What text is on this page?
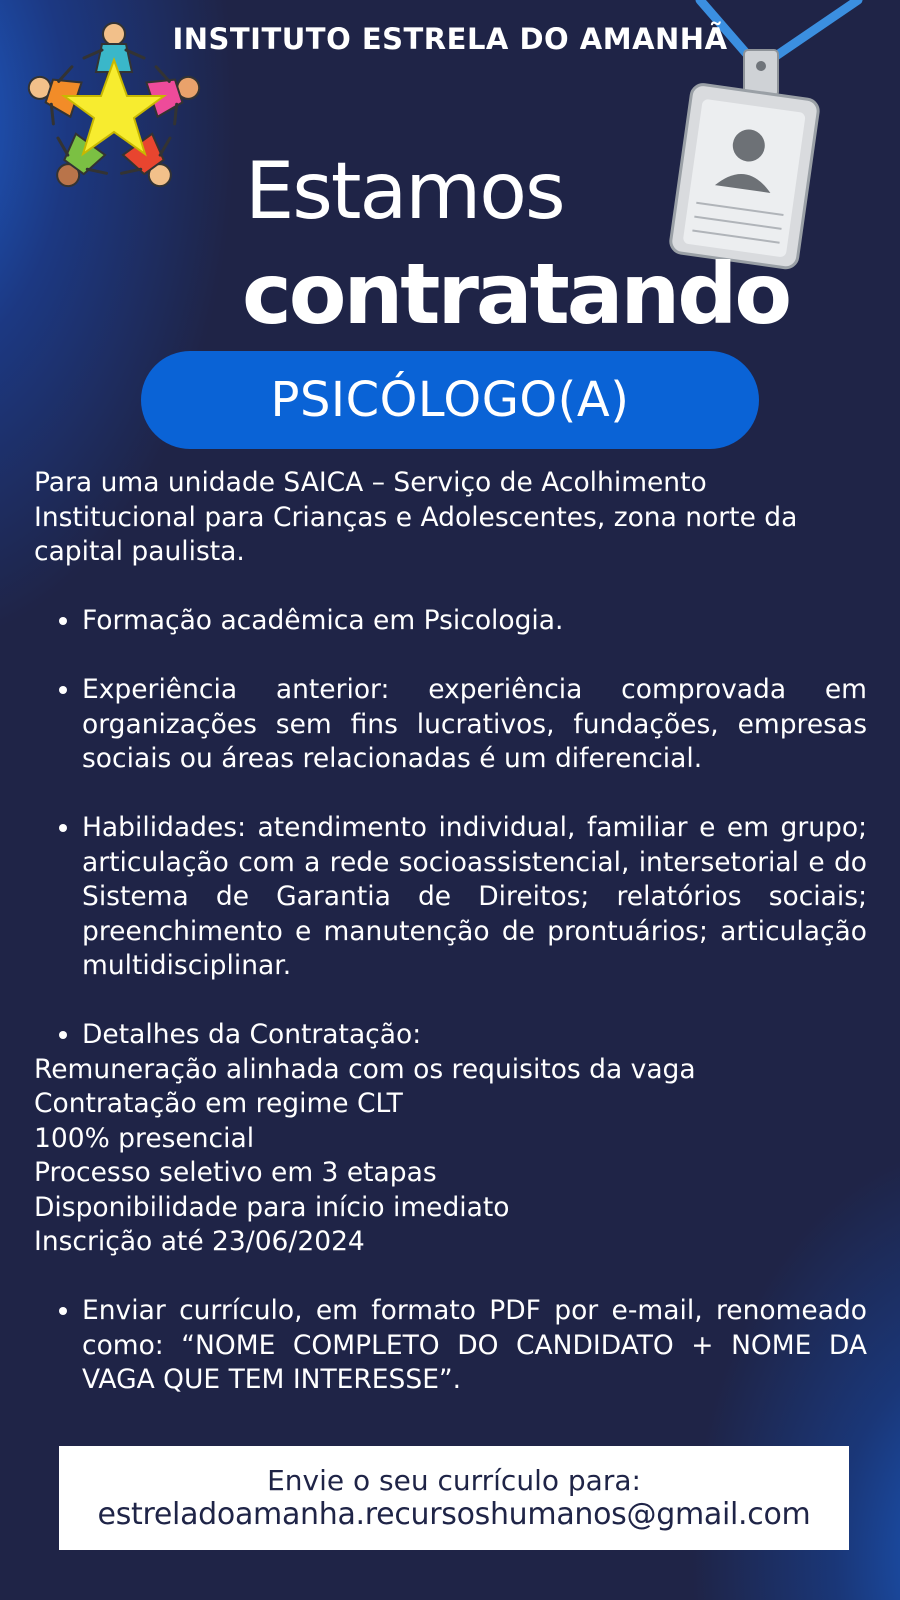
INSTITUTO ESTRELA DO AMANHÃ
Estamos
contratando
PSICÓLOGO(A)

Para uma unidade SAICA – Serviço de Acolhimento Institucional para Crianças e Adolescentes, zona norte da capital paulista.

• Formação acadêmica em Psicologia.
• Experiência anterior: experiência comprovada em organizações sem fins lucrativos, fundações, empresas sociais ou áreas relacionadas é um diferencial.
• Habilidades: atendimento individual, familiar e em grupo; articulação com a rede socioassistencial, intersetorial e do Sistema de Garantia de Direitos; relatórios sociais; preenchimento e manutenção de prontuários; articulação multidisciplinar.
• Detalhes da Contratação:

Remuneração alinhada com os requisitos da vaga

Contratação em regime CLT

100% presencial

Processo seletivo em 3 etapas

Disponibilidade para início imediato

Inscrição até 23/06/2024

• Enviar currículo, em formato PDF por e-mail, renomeado como: “NOME COMPLETO DO CANDIDATO + NOME DA VAGA QUE TEM INTERESSE”.
Envie o seu currículo para:
estreladoamanha.recursoshumanos@gmail.com
